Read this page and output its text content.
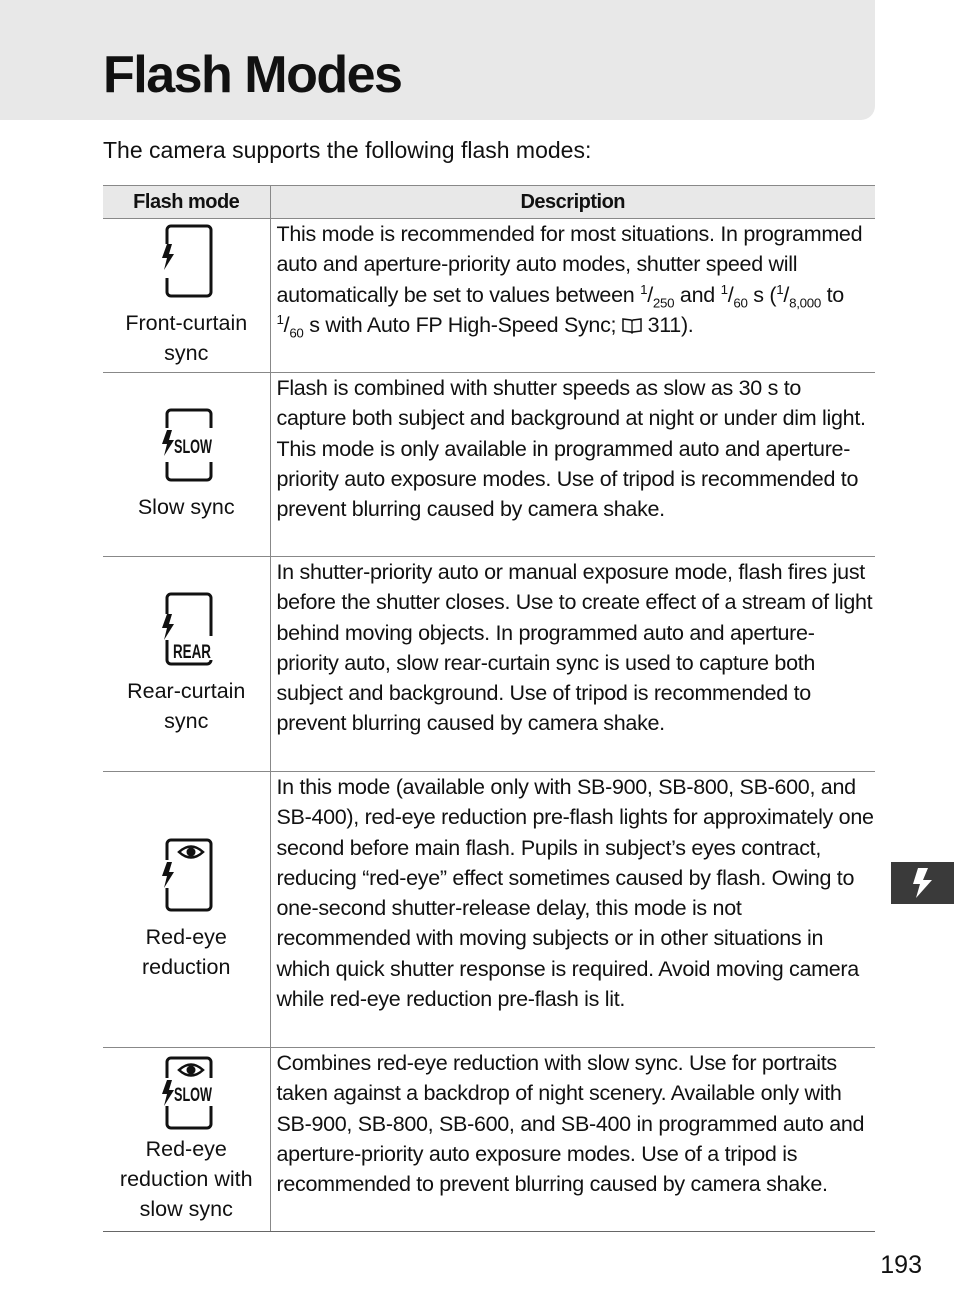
Flash Modes

The camera supports the following flash modes:

Flash mode	Description

Front-curtain sync	This mode is recommended for most situations. In programmed auto and aperture-priority auto modes, shutter speed will automatically be set to values between $^1/_{250}$ and $^1/_{60}$ s ($^1/_{8,000}$ to $^1/_{60}$ s with Auto FP High-Speed Sync;  311).

SLOW
Slow sync	Flash is combined with shutter speeds as slow as 30 s to capture both subject and background at night or under dim light. This mode is only available in programmed auto and aperture-priority auto exposure modes. Use of tripod is recommended to prevent blurring caused by camera shake.

REAR
Rear-curtain sync	In shutter-priority auto or manual exposure mode, flash fires just before the shutter closes. Use to create effect of a stream of light behind moving objects. In programmed auto and aperture-priority auto, slow rear-curtain sync is used to capture both subject and background. Use of tripod is recommended to prevent blurring caused by camera shake.

Red-eye reduction	In this mode (available only with SB-900, SB-800, SB-600, and SB-400), red-eye reduction pre-flash lights for approximately one second before main flash. Pupils in subject’s eyes contract, reducing “red-eye” effect sometimes caused by flash. Owing to one-second shutter-release delay, this mode is not recommended with moving subjects or in other situations in which quick shutter response is required. Avoid moving camera while red-eye reduction pre-flash is lit.

SLOW
Red-eye reduction with slow sync	Combines red-eye reduction with slow sync. Use for portraits taken against a backdrop of night scenery. Available only with SB-900, SB-800, SB-600, and SB-400 in programmed auto and aperture-priority auto exposure modes. Use of a tripod is recommended to prevent blurring caused by camera shake.
193
